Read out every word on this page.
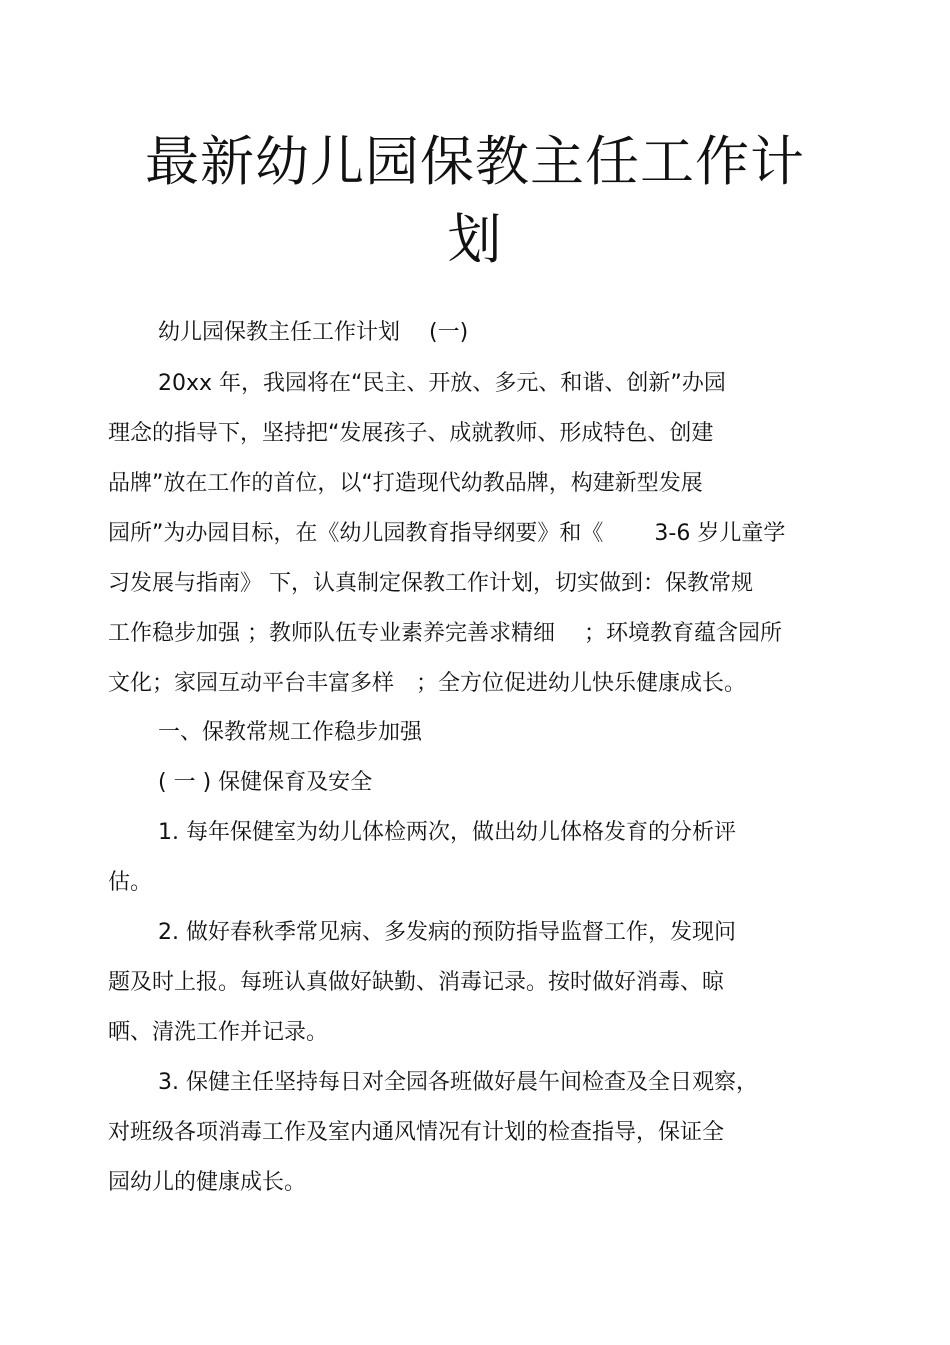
最新幼儿园保教主任工作计
划

幼儿园保教主任工作计划　 (一)

20xx 年，我园将在“民主、开放、多元、和谐、创新”办园

理念的指导下，坚持把“发展孩子、成就教师、形成特色、创建

品牌”放在工作的首位，以“打造现代幼教品牌，构建新型发展

园所”为办园目标，在《幼儿园教育指导纲要》和《　　 3-6 岁儿童学

习发展与指南》 下，认真制定保教工作计划，切实做到：保教常规

工作稳步加强 ；教师队伍专业素养完善求精细　 ；环境教育蕴含园所

文化；家园互动平台丰富多样　；全方位促进幼儿快乐健康成长。

一、保教常规工作稳步加强

( 一 ) 保健保育及安全

1. 每年保健室为幼儿体检两次，做出幼儿体格发育的分析评

估。

2. 做好春秋季常见病、多发病的预防指导监督工作，发现问

题及时上报。每班认真做好缺勤、消毒记录。按时做好消毒、晾

晒、清洗工作并记录。

3. 保健主任坚持每日对全园各班做好晨午间检查及全日观察，

对班级各项消毒工作及室内通风情况有计划的检查指导，保证全

园幼儿的健康成长。
